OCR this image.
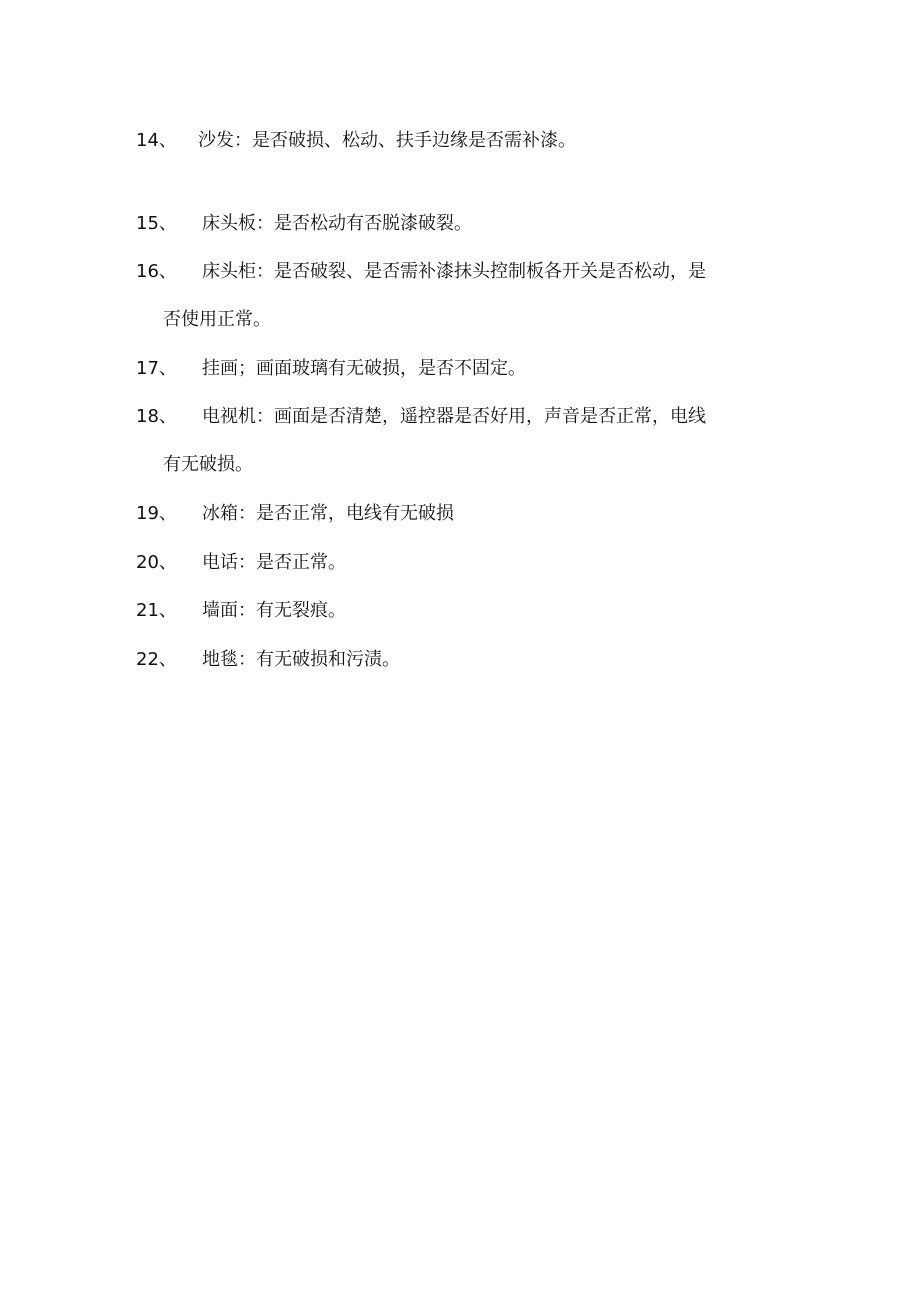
14、 沙发：是否破损、松动、扶手边缘是否需补漆。
15、 床头板：是否松动有否脱漆破裂。
16、 床头柜：是否破裂、是否需补漆抹头控制板各开关是否松动，是
否使用正常。
17、 挂画；画面玻璃有无破损，是否不固定。
18、 电视机：画面是否清楚，遥控器是否好用，声音是否正常，电线
有无破损。
19、 冰箱：是否正常，电线有无破损
20、 电话：是否正常。
21、 墙面：有无裂痕。
22、 地毯：有无破损和污渍。
